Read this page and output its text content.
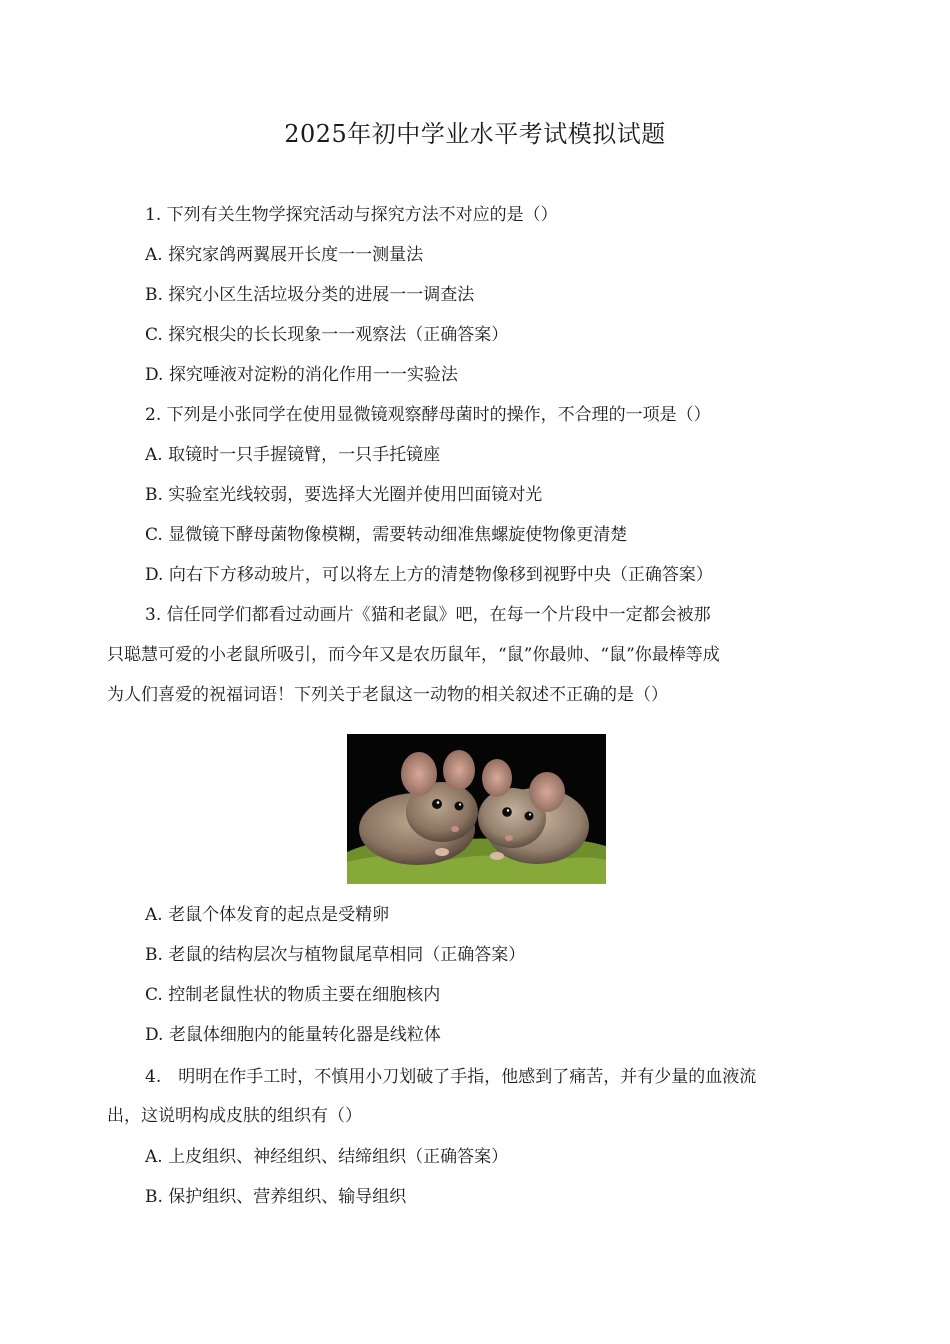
2025年初中学业水平考试模拟试题
1. 下列有关生物学探究活动与探究方法不对应的是（）
A. 探究家鸽两翼展开长度一一测量法
B. 探究小区生活垃圾分类的进展一一调查法
C. 探究根尖的长长现象一一观察法（正确答案）
D. 探究唾液对淀粉的消化作用一一实验法
2. 下列是小张同学在使用显微镜观察酵母菌时的操作，不合理的一项是（）
A. 取镜时一只手握镜臂，一只手托镜座
B. 实验室光线较弱，要选择大光圈并使用凹面镜对光
C. 显微镜下酵母菌物像模糊，需要转动细准焦螺旋使物像更清楚
D. 向右下方移动玻片，可以将左上方的清楚物像移到视野中央（正确答案）
3. 信任同学们都看过动画片《猫和老鼠》吧，在每一个片段中一定都会被那
只聪慧可爱的小老鼠所吸引，而今年又是农历鼠年，“鼠”你最帅、“鼠”你最棒等成
为人们喜爱的祝福词语！下列关于老鼠这一动物的相关叙述不正确的是（）
A. 老鼠个体发育的起点是受精卵
B. 老鼠的结构层次与植物鼠尾草相同（正确答案）
C. 控制老鼠性状的物质主要在细胞核内
D. 老鼠体细胞内的能量转化器是线粒体
4.　明明在作手工时，不慎用小刀划破了手指，他感到了痛苦，并有少量的血液流
出，这说明构成皮肤的组织有（）
A. 上皮组织、神经组织、结缔组织（正确答案）
B. 保护组织、营养组织、输导组织
